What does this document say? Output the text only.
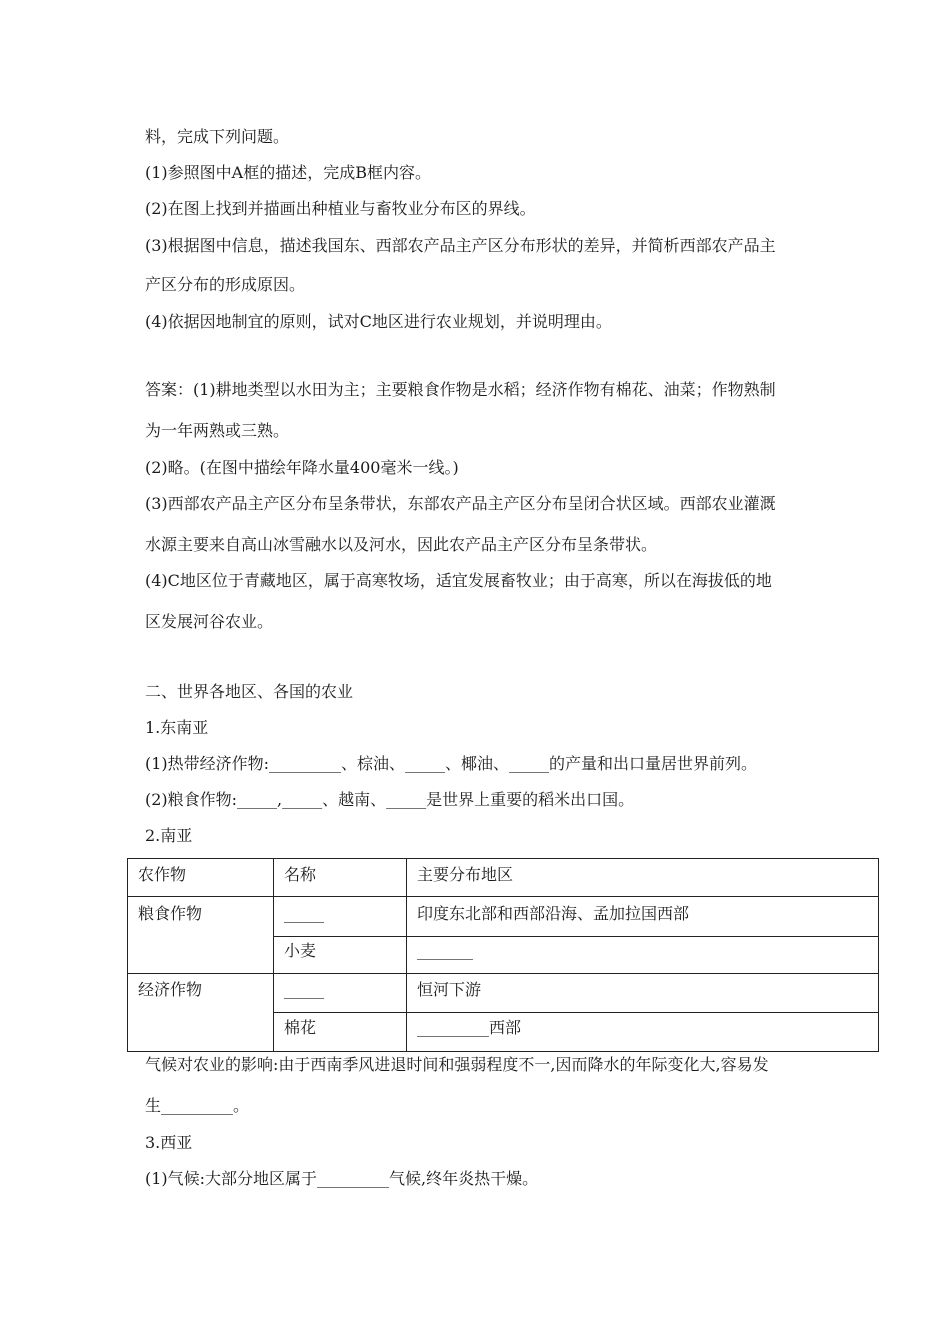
料，完成下列问题。
(1)参照图中A框的描述，完成B框内容。
(2)在图上找到并描画出种植业与畜牧业分布区的界线。
(3)根据图中信息，描述我国东、西部农产品主产区分布形状的差异，并简析西部农产品主
产区分布的形成原因。
(4)依据因地制宜的原则，试对C地区进行农业规划，并说明理由。
答案：(1)耕地类型以水田为主；主要粮食作物是水稻；经济作物有棉花、油菜；作物熟制
为一年两熟或三熟。
(2)略。(在图中描绘年降水量400毫米一线。)
(3)西部农产品主产区分布呈条带状，东部农产品主产区分布呈闭合状区域。西部农业灌溉
水源主要来自高山冰雪融水以及河水，因此农产品主产区分布呈条带状。
(4)C地区位于青藏地区，属于高寒牧场，适宜发展畜牧业；由于高寒，所以在海拔低的地
区发展河谷农业。
二、世界各地区、各国的农业
1.东南亚
(1)热带经济作物:_________、棕油、_____、椰油、_____的产量和出口量居世界前列。
(2)粮食作物:_____,_____、越南、_____是世界上重要的稻米出口国。
2.南亚
农作物	名称	主要分布地区
粮食作物	_____	印度东北部和西部沿海、孟加拉国西部
	小麦	_______
经济作物	_____	恒河下游
	棉花	_________西部
气候对农业的影响:由于西南季风进退时间和强弱程度不一,因而降水的年际变化大,容易发
生_________。
3.西亚
(1)气候:大部分地区属于_________气候,终年炎热干燥。
